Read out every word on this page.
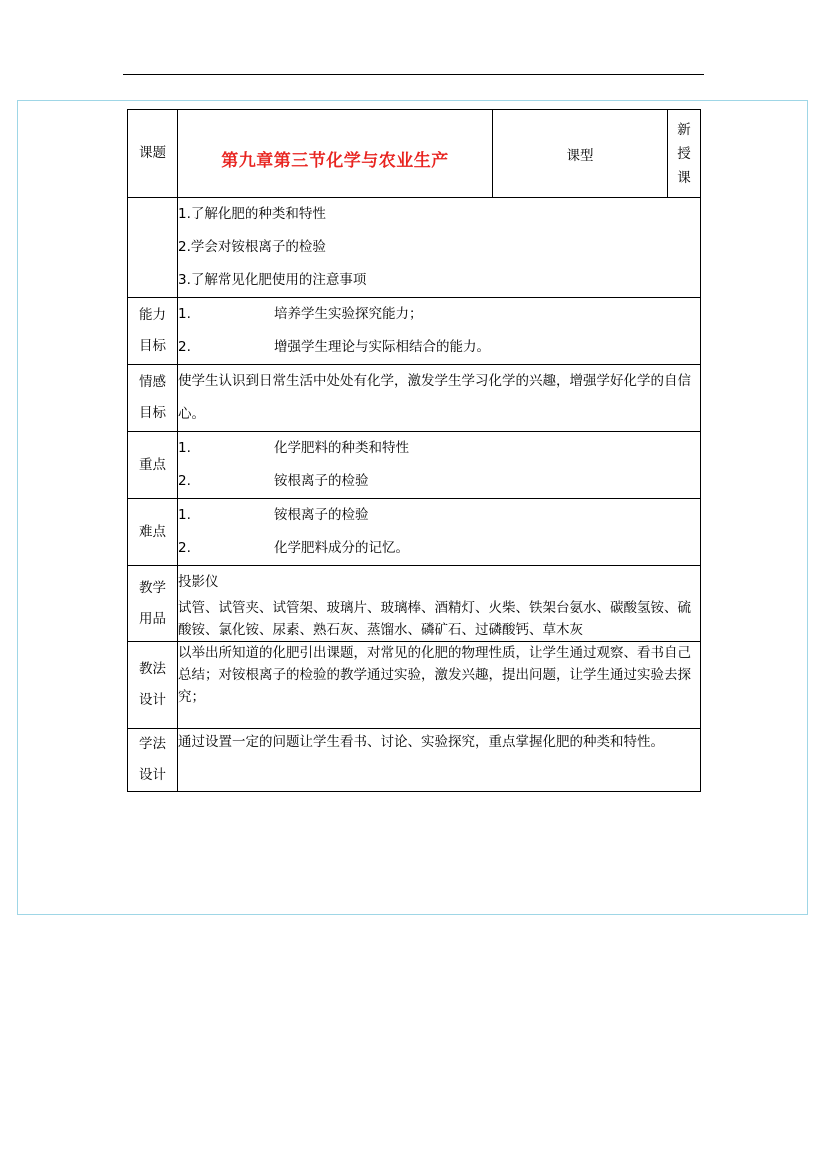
课题	第九章第三节化学与农业生产	课型	新授课

	1.了解化肥的种类和特性
2.学会对铵根离子的检验
3.了解常见化肥使用的注意事项		

能力目标	1. 培养学生实验探究能力；
2. 增强学生理论与实际相结合的能力。		

情感目标	使学生认识到日常生活中处处有化学，激发学生学习化学的兴趣，增强学好化学的自信心。		
重点	1. 化学肥料的种类和特性
2. 铵根离子的检验		

难点	1. 铵根离子的检验
2. 化学肥料成分的记忆。		

教学用品	投影仪
试管、试管夹、试管架、玻璃片、玻璃棒、酒精灯、火柴、铁架台氨水、碳酸氢铵、硫酸铵、氯化铵、尿素、熟石灰、蒸馏水、磷矿石、过磷酸钙、草木灰		

教法设计	以举出所知道的化肥引出课题，对常见的化肥的物理性质，让学生通过观察、看书自己总结；对铵根离子的检验的教学通过实验，激发兴趣，提出问题，让学生通过实验去探究；		
学法设计	通过设置一定的问题让学生看书、讨论、实验探究，重点掌握化肥的种类和特性。		
